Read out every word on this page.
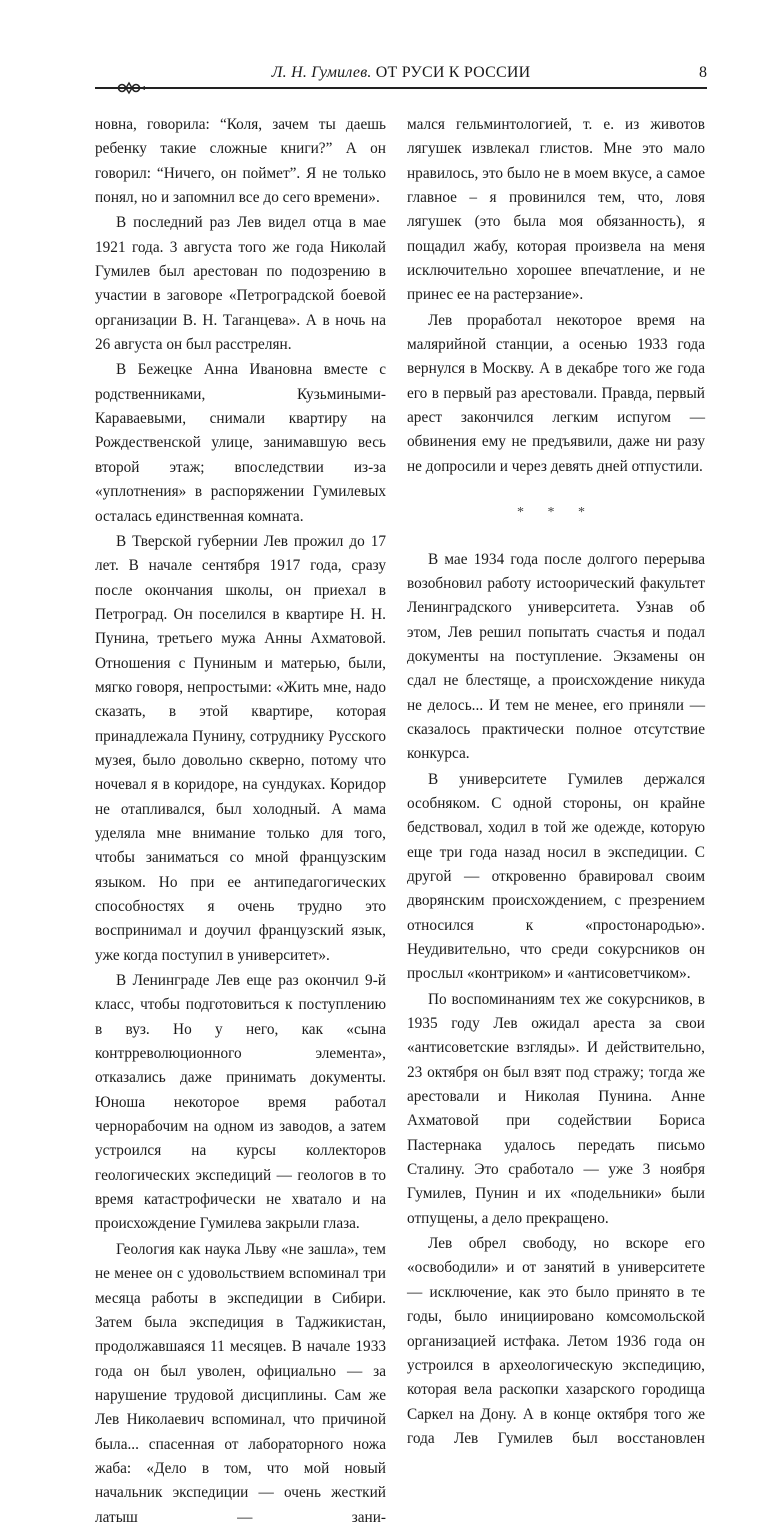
Л. Н. Гумилев. ОТ РУСИ К РОССИИ	8

новна, говорила: “Коля, зачем ты даешь ребенку такие сложные книги?” А он говорил: “Ничего, он поймет”. Я не только понял, но и запомнил все до сего времени».

В последний раз Лев видел отца в мае 1921 года. 3 августа того же года Николай Гумилев был арестован по подозрению в участии в заговоре «Петроградской боевой организации В. Н. Таганцева». А в ночь на 26 августа он был расстрелян.

В Бежецке Анна Ивановна вместе с родственниками, Кузьмиными-Караваевыми, снимали квартиру на Рождественской улице, занимавшую весь второй этаж; впоследствии из-за «уплотнения» в распоряжении Гумилевых осталась единственная комната.

В Тверской губернии Лев прожил до 17 лет. В начале сентября 1917 года, сразу после окончания школы, он приехал в Петроград. Он поселился в квартире Н. Н. Пунина, третьего мужа Анны Ахматовой. Отношения с Пуниным и матерью, были, мягко говоря, непростыми: «Жить мне, надо сказать, в этой квартире, которая принадлежала Пунину, сотруднику Русского музея, было довольно скверно, потому что ночевал я в коридоре, на сундуках. Коридор не отапливался, был холодный. А мама уделяла мне внимание только для того, чтобы заниматься со мной французским языком. Но при ее антипедагогических способностях я очень трудно это воспринимал и доучил французский язык, уже когда поступил в университет».

В Ленинграде Лев еще раз окончил 9-й класс, чтобы подготовиться к поступлению в вуз. Но у него, как «сына контрреволюционного элемента», отказались даже принимать документы. Юноша некоторое время работал чернорабочим на одном из заводов, а затем устроился на курсы коллекторов геологических экспедиций — геологов в то время катастрофически не хватало и на происхождение Гумилева закрыли глаза.

Геология как наука Льву «не зашла», тем не менее он с удовольствием вспоминал три месяца работы в экспедиции в Сибири. Затем была экспедиция в Таджикистан, продолжавшаяся 11 месяцев. В начале 1933 года он был уволен, официально — за нарушение трудовой дисциплины. Сам же Лев Николаевич вспоминал, что причиной была... спасенная от лабораторного ножа жаба: «Дело в том, что мой новый начальник экспедиции — очень жесткий латыш — зани-

мался гельминтологией, т. е. из животов лягушек извлекал глистов. Мне это мало нравилось, это было не в моем вкусе, а самое главное – я провинился тем, что, ловя лягушек (это была моя обязанность), я пощадил жабу, которая произвела на меня исключительно хорошее впечатление, и не принес ее на растерзание».

Лев проработал некоторое время на малярийной станции, а осенью 1933 года вернулся в Москву. А в декабре того же года его в первый раз арестовали. Правда, первый арест закончился легким испугом — обвинения ему не предъявили, даже ни разу не допросили и через девять дней отпустили.

* * *

В мае 1934 года после долгого перерыва возобновил работу истоорический факультет Ленинградского университета. Узнав об этом, Лев решил попытать счастья и подал документы на поступление. Экзамены он сдал не блестяще, а происхождение никуда не делось... И тем не менее, его приняли — сказалось практически полное отсутствие конкурса.

В университете Гумилев держался особняком. С одной стороны, он крайне бедствовал, ходил в той же одежде, которую еще три года назад носил в экспедиции. С другой — откровенно бравировал своим дворянским происхождением, с презрением относился к «простонародью». Неудивительно, что среди сокурсников он прослыл «контриком» и «антисоветчиком».

По воспоминаниям тех же сокурсников, в 1935 году Лев ожидал ареста за свои «антисоветские взгляды». И действительно, 23 октября он был взят под стражу; тогда же арестовали и Николая Пунина. Анне Ахматовой при содействии Бориса Пастернака удалось передать письмо Сталину. Это сработало — уже 3 ноября Гумилев, Пунин и их «подельники» были отпущены, а дело прекращено.

Лев обрел свободу, но вскоре его «освободили» и от занятий в университете — исключение, как это было принято в те годы, было инициировано комсомольской организацией истфака. Летом 1936 года он устроился в археологическую экспедицию, которая вела раскопки хазарского городища Саркел на Дону. А в конце октября того же года Лев Гумилев был восстановлен
